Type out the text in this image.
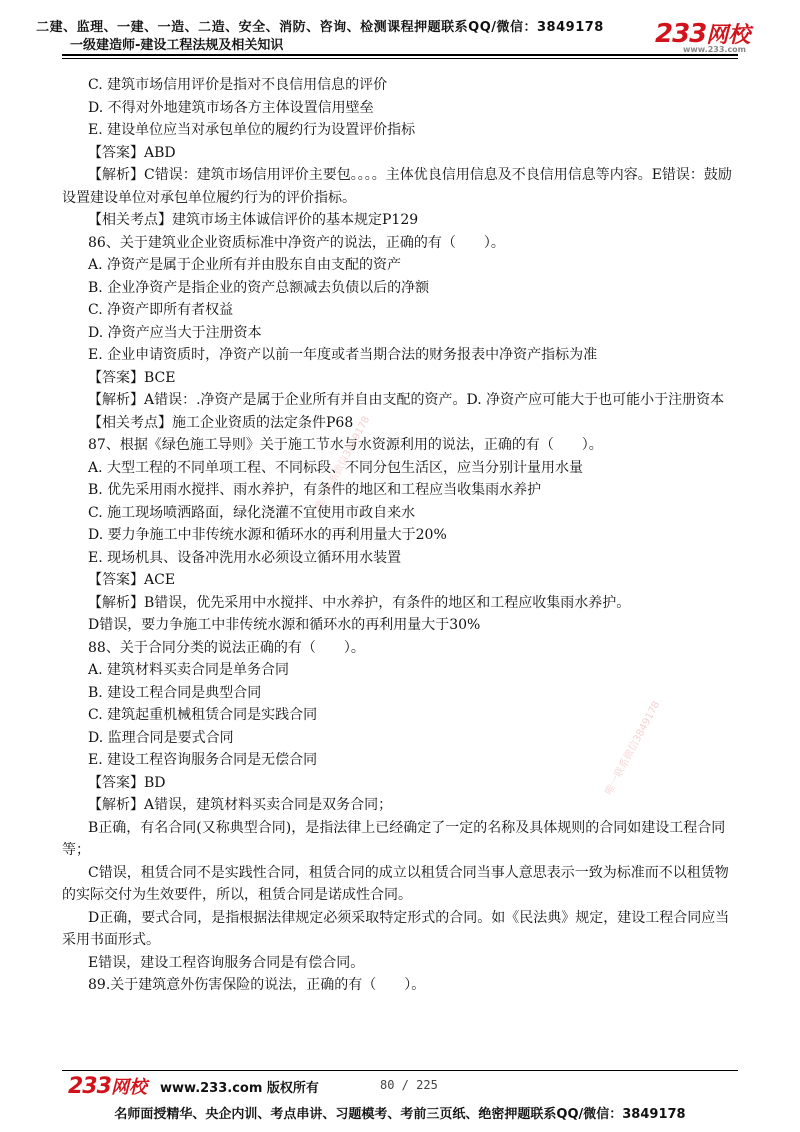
二建、监理、一建、一造、二造、安全、消防、咨询、检测课程押题联系QQ/微信：3849178
一级建造师-建设工程法规及相关知识	233网校
www.233.com

C. 建筑市场信用评价是指对不良信用信息的评价

D. 不得对外地建筑市场各方主体设置信用壁垒

E. 建设单位应当对承包单位的履约行为设置评价指标

【答案】ABD

【解析】C错误：建筑市场信用评价主要包。。。。主体优良信用信息及不良信用信息等内容。E错误：鼓励设置建设单位对承包单位履约行为的评价指标。

【相关考点】建筑市场主体诚信评价的基本规定P129

86、关于建筑业企业资质标准中净资产的说法，正确的有（　　）。

A. 净资产是属于企业所有并由股东自由支配的资产

B. 企业净资产是指企业的资产总额减去负债以后的净额

C. 净资产即所有者权益

D. 净资产应当大于注册资本

E. 企业申请资质时，净资产以前一年度或者当期合法的财务报表中净资产指标为准

【答案】BCE

【解析】A错误：.净资产是属于企业所有并自由支配的资产。D. 净资产应可能大于也可能小于注册资本

【相关考点】施工企业资质的法定条件P68

87、根据《绿色施工导则》关于施工节水与水资源利用的说法，正确的有（　　）。

A. 大型工程的不同单项工程、不同标段、不同分包生活区，应当分别计量用水量

B. 优先采用雨水搅拌、雨水养护，有条件的地区和工程应当收集雨水养护

C. 施工现场喷洒路面，绿化浇灌不宜使用市政自来水

D. 要力争施工中非传统水源和循环水的再利用量大于20%

E. 现场机具、设备冲洗用水必须设立循环用水装置

【答案】ACE

【解析】B错误，优先采用中水搅拌、中水养护，有条件的地区和工程应收集雨水养护。

D错误，要力争施工中非传统水源和循环水的再利用量大于30%

88、关于合同分类的说法正确的有（　　）。

A. 建筑材料买卖合同是单务合同

B. 建设工程合同是典型合同

C. 建筑起重机械租赁合同是实践合同

D. 监理合同是要式合同

E. 建设工程咨询服务合同是无偿合同

【答案】BD

【解析】A错误，建筑材料买卖合同是双务合同；

B正确，有名合同(又称典型合同)，是指法律上已经确定了一定的名称及具体规则的合同如建设工程合同等；

C错误，租赁合同不是实践性合同，租赁合同的成立以租赁合同当事人意思表示一致为标准而不以租赁物的实际交付为生效要件，所以，租赁合同是诺成性合同。

D正确，要式合同，是指根据法律规定必须采取特定形式的合同。如《民法典》规定，建设工程合同应当采用书面形式。

E错误，建设工程咨询服务合同是有偿合同。

89.关于建筑意外伤害保险的说法，正确的有（　　）。

唯一联系微信3849178
唯一联系微信3849178
233网校 www.233.com 版权所有	80 / 225
名师面授精华、央企内训、考点串讲、习题模考、考前三页纸、绝密押题联系QQ/微信：3849178
